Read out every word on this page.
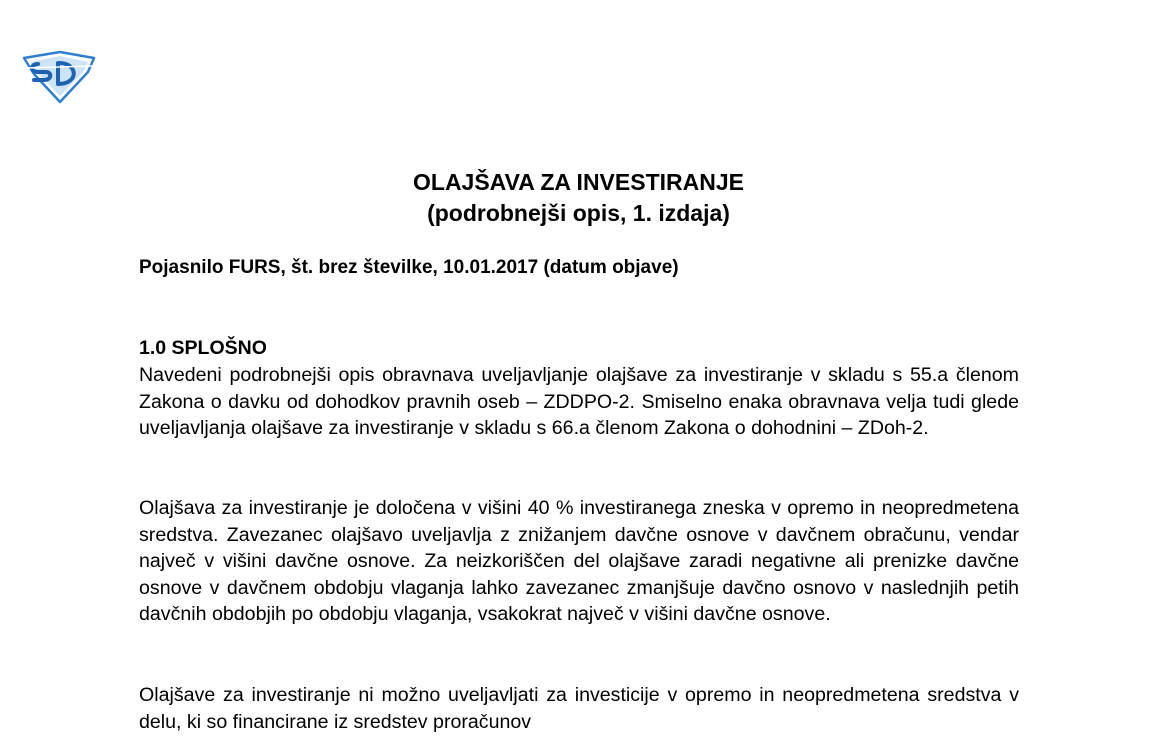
OLAJŠAVA ZA INVESTIRANJE
(podrobnejši opis, 1. izdaja)
Pojasnilo FURS, št. brez številke, 10.01.2017 (datum objave)
1.0 SPLOŠNO

Navedeni podrobnejši opis obravnava uveljavljanje olajšave za investiranje v skladu s 55.a členom Zakona o davku od dohodkov pravnih oseb – ZDDPO-2. Smiselno enaka obravnava velja tudi glede uveljavljanja olajšave za investiranje v skladu s 66.a členom Zakona o dohodnini – ZDoh-2.

Olajšava za investiranje je določena v višini 40 % investiranega zneska v opremo in neopredmetena sredstva. Zavezanec olajšavo uveljavlja z znižanjem davčne osnove v davčnem obračunu, vendar največ v višini davčne osnove. Za neizkoriščen del olajšave zaradi negativne ali prenizke davčne osnove v davčnem obdobju vlaganja lahko zavezanec zmanjšuje davčno osnovo v naslednjih petih davčnih obdobjih po obdobju vlaganja, vsakokrat največ v višini davčne osnove.

Olajšave za investiranje ni možno uveljavljati za investicije v opremo in neopredmetena sredstva v delu, ki so financirane iz sredstev proračunov
